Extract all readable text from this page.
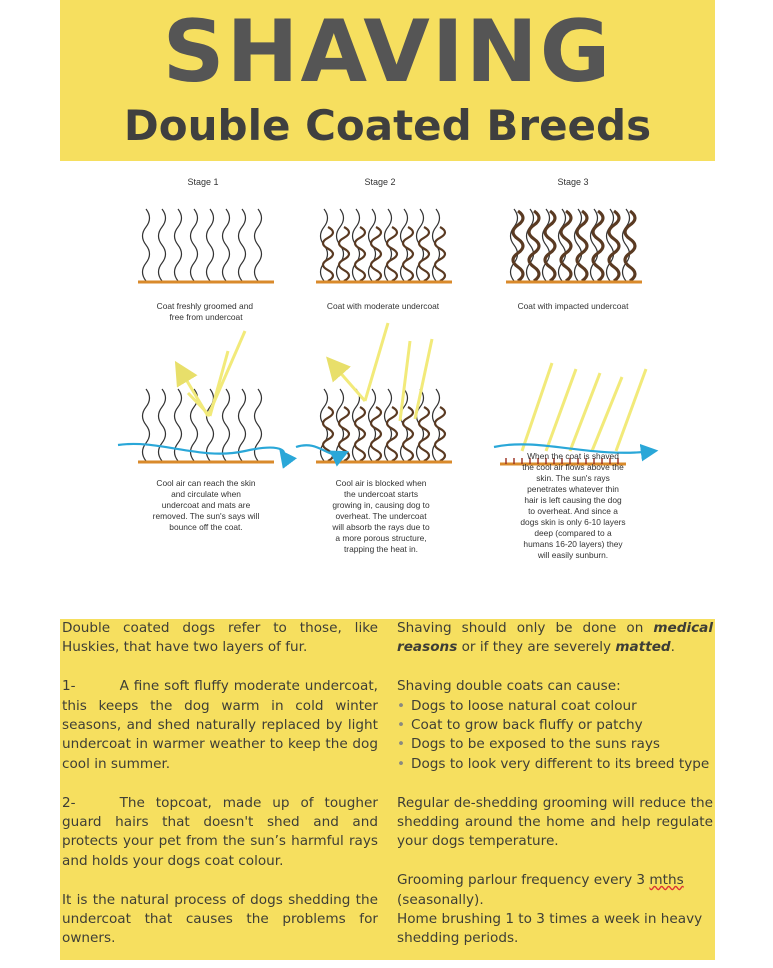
SHAVING
Double Coated Breeds
Stage 1	Stage 2	Stage 3
Coat freshly groomed and free from undercoat
Coat with moderate undercoat	Coat with impacted undercoat
Cool air can reach the skin and circulate when undercoat and mats are removed. The sun's says will bounce off the coat.
Cool air is blocked when the undercoat starts growing in, causing dog to overheat. The undercoat will absorb the rays due to a more porous structure, trapping the heat in.
When the coat is shaved the cool air flows above the skin. The sun's rays penetrates whatever thin hair is left causing the dog to overheat. And since a dogs skin is only 6-10 layers deep (compared to a humans 16-20 layers) they will easily sunburn.

Double coated dogs refer to those, like Huskies, that have two layers of fur.

1-	A fine soft fluffy moderate undercoat, this keeps the dog warm in cold winter seasons, and shed naturally replaced by light undercoat in warmer weather to keep the dog cool in summer.

2-	The topcoat, made up of tougher guard hairs that doesn't shed and and protects your pet from the sun’s harmful rays and holds your dogs coat colour.

It is the natural process of dogs shedding the undercoat that causes the problems for owners.

Shaving should only be done on medical reasons or if they are severely matted.

Shaving double coats can cause:
• Dogs to loose natural coat colour
• Coat to grow back fluffy or patchy
• Dogs to be exposed to the suns rays
• Dogs to look very different to its breed type

Regular de-shedding grooming will reduce the shedding around the home and help regulate your dogs temperature.

Grooming parlour frequency every 3 mths (seasonally).
Home brushing 1 to 3 times a week in heavy shedding periods.
